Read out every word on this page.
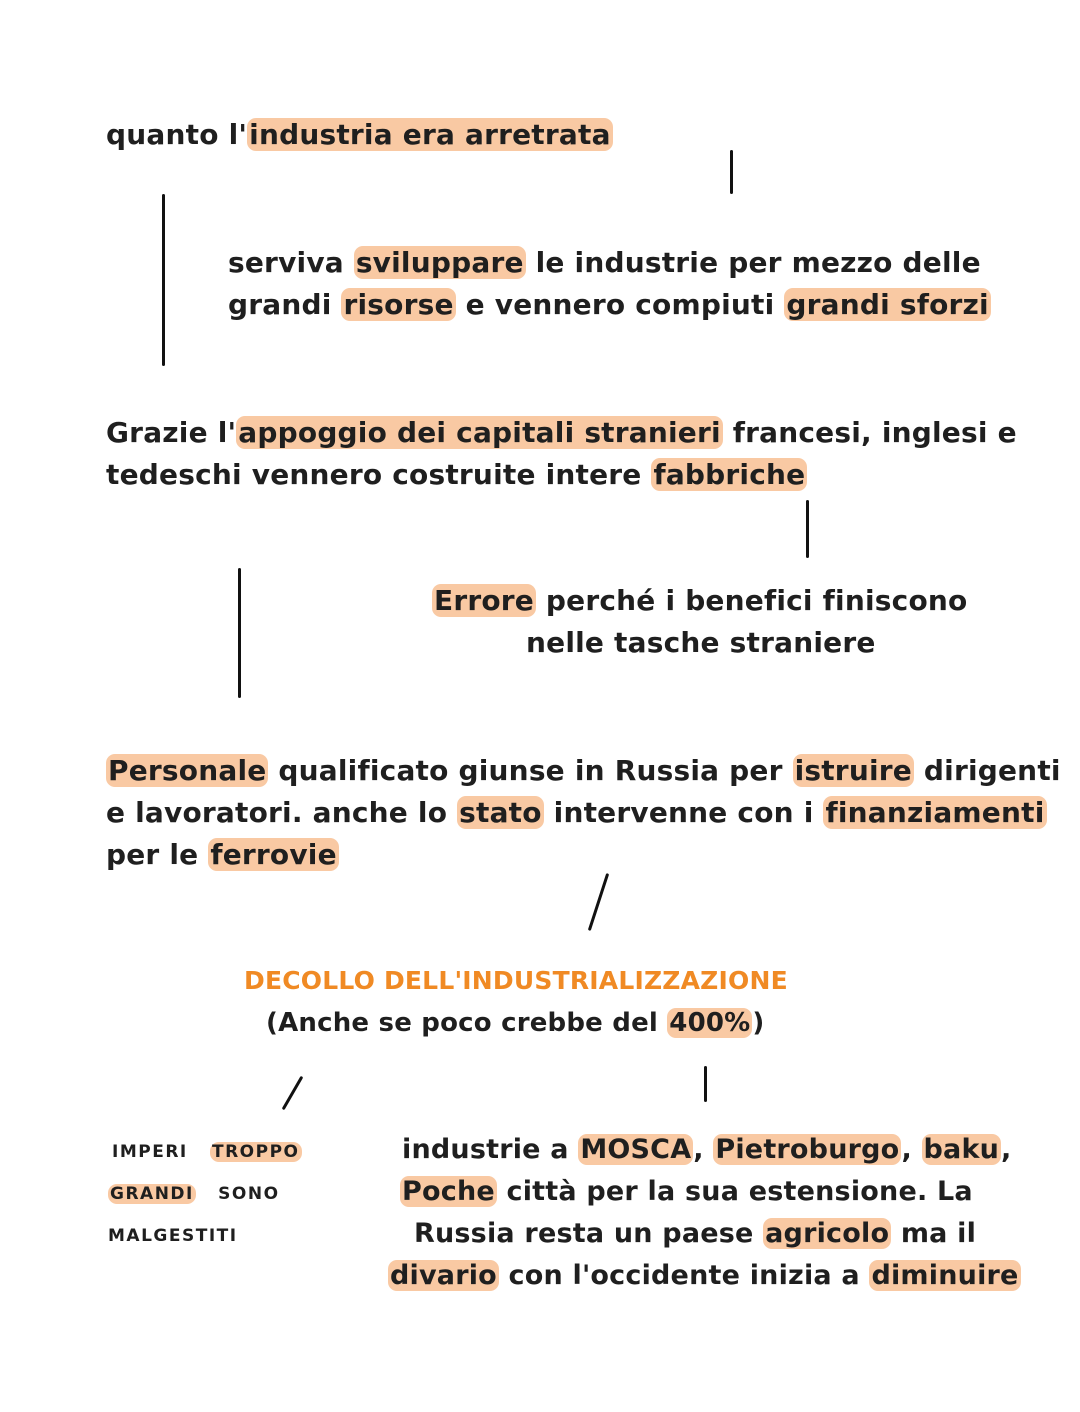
quanto l'industria era arretrata
serviva sviluppare le industrie per mezzo delle
grandi risorse e vennero compiuti grandi sforzi
Grazie l'appoggio dei capitali stranieri francesi, inglesi e
tedeschi vennero costruite intere fabbriche
Errore perché i benefici finiscono
nelle tasche straniere
Personale qualificato giunse in Russia per istruire dirigenti
e lavoratori. anche lo stato intervenne con i finanziamenti
per le ferrovie
DECOLLO DELL'INDUSTRIALIZZAZIONE
(Anche se poco crebbe del 400%)
IMPERI TROPPO
GRANDI SONO
MALGESTITI
industrie a MOSCA, Pietroburgo, baku,
Poche città per la sua estensione. La
Russia resta un paese agricolo ma il
divario con l'occidente inizia a diminuire
